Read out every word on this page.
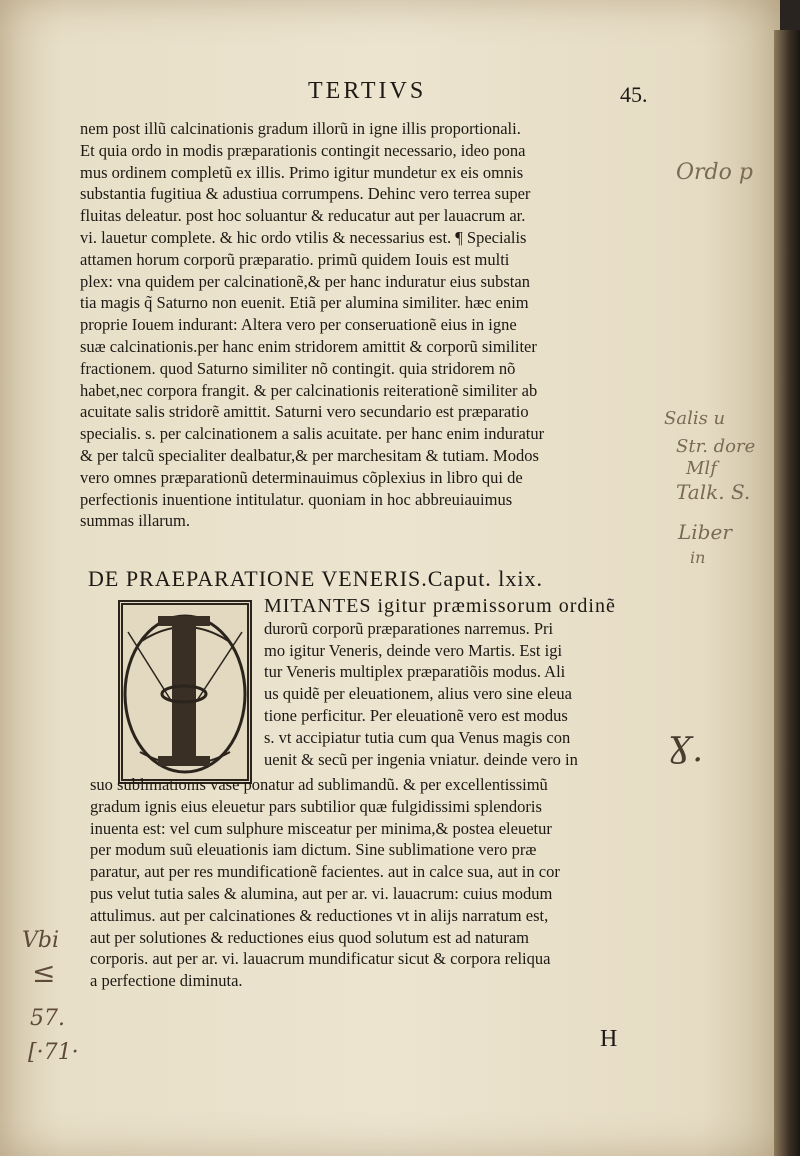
TERTIVS	45.

nem post illũ calcinationis gradum illorũ in igne illis proportionali.

Et quia ordo in modis præparationis contingit necessario, ideo pona

mus ordinem completũ ex illis. Primo igitur mundetur ex eis omnis

substantia fugitiua & adustiua corrumpens. Dehinc vero terrea super

fluitas deleatur. post hoc soluantur & reducatur aut per lauacrum ar.

vi. lauetur complete. & hic ordo vtilis & necessarius est. ¶ Specialis

attamen horum corporũ præparatio. primũ quidem Iouis est multi

plex: vna quidem per calcinationẽ,& per hanc induratur eius substan

tia magis q̃ Saturno non euenit. Etiã per alumina similiter. hæc enim

proprie Iouem indurant: Altera vero per conseruationẽ eius in igne

suæ calcinationis.per hanc enim stridorem amittit & corporũ similiter

fractionem. quod Saturno similiter nõ contingit. quia stridorem nõ

habet,nec corpora frangit. & per calcinationis reiterationẽ similiter ab

acuitate salis stridorẽ amittit. Saturni vero secundario est præparatio

specialis. s. per calcinationem a salis acuitate. per hanc enim induratur

& per talcũ specialiter dealbatur,& per marchesitam & tutiam. Modos

vero omnes præparationũ determinauimus cõplexius in libro qui de

perfectionis inuentione intitulatur. quoniam in hoc abbreuiauimus

summas illarum.

DE PRAEPARATIONE VENERIS.Caput. lxix.

MITANTES igitur præmissorum ordinẽ

durorũ corporũ præparationes narremus. Pri

mo igitur Veneris, deinde vero Martis. Est igi

tur Veneris multiplex præparatiõis modus. Ali

us quidẽ per eleuationem, alius vero sine eleua

tione perficitur. Per eleuationẽ vero est modus

s. vt accipiatur tutia cum qua Venus magis con

uenit & secũ per ingenia vniatur. deinde vero in

suo sublimationis vase ponatur ad sublimandũ. & per excellentissimũ

gradum ignis eius eleuetur pars subtilior quæ fulgidissimi splendoris

inuenta est: vel cum sulphure misceatur per minima,& postea eleuetur

per modum suũ eleuationis iam dictum. Sine sublimatione vero præ

paratur, aut per res mundificationẽ facientes. aut in calce sua, aut in cor

pus velut tutia sales & alumina, aut per ar. vi. lauacrum: cuius modum

attulimus. aut per calcinationes & reductiones vt in alijs narratum est,

aut per solutiones & reductiones eius quod solutum est ad naturam

corporis. aut per ar. vi. lauacrum mundificatur sicut & corpora reliqua

a perfectione diminuta.

H
Ordo p
Salis u
Str. dore
Mlf
Talk. S.
Liber
in
Ɣ.
Vbi
≤
57.
[·71·
